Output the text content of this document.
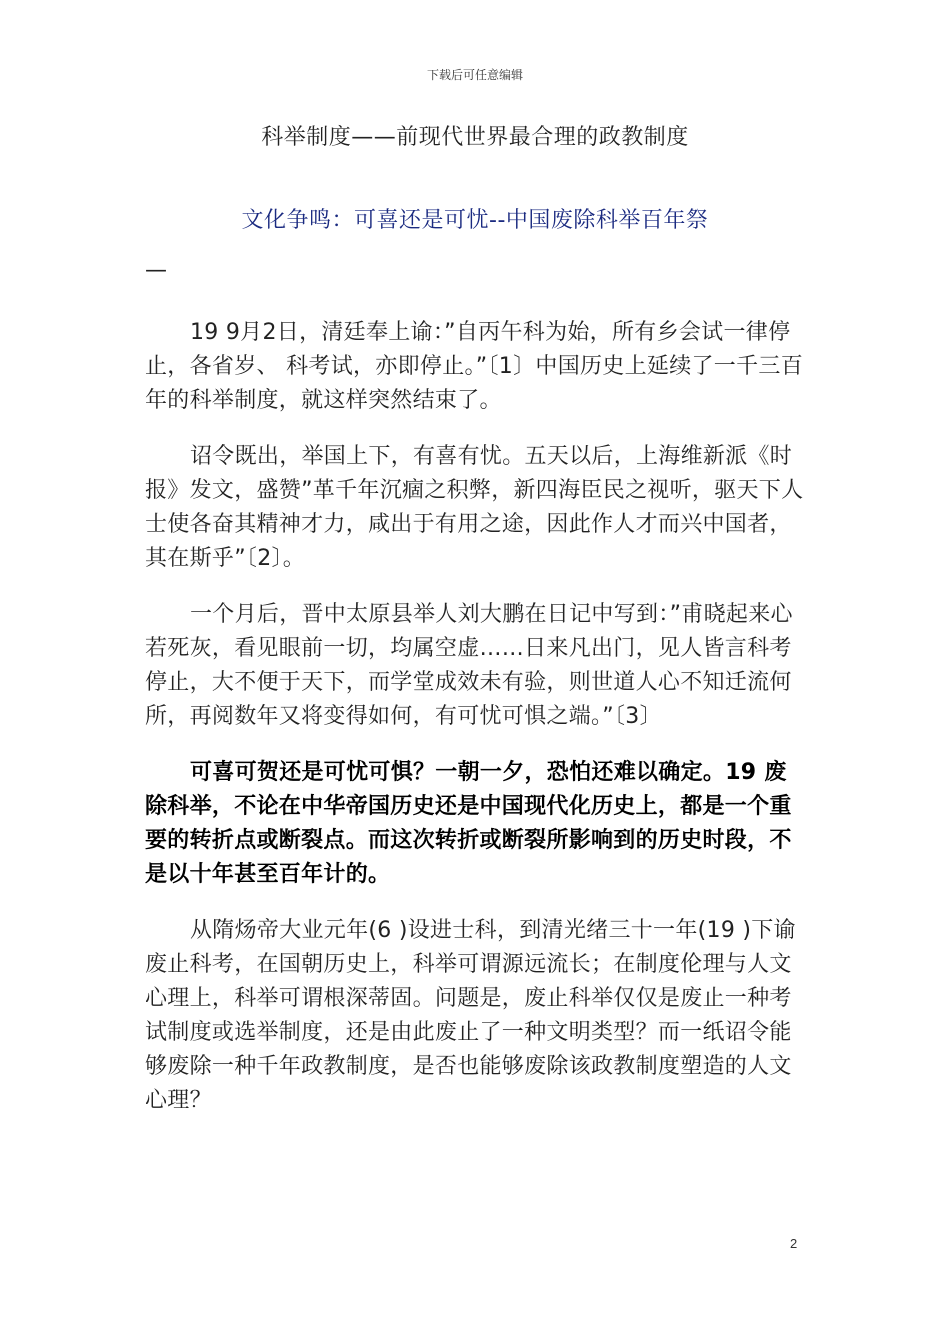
下载后可任意编辑
科举制度——前现代世界最合理的政教制度
文化争鸣：可喜还是可忧--中国废除科举百年祭
—

19 9月2日，清廷奉上谕：”自丙午科为始，所有乡会试一律停止，各省岁、 科考试，亦即停止。”〔1〕中国历史上延续了一千三百年的科举制度，就这样突然结束了。

诏令既出，举国上下，有喜有忧。五天以后，上海维新派《时报》发文，盛赞”革千年沉痼之积弊，新四海臣民之视听，驱天下人士使各奋其精神才力，咸出于有用之途，因此作人才而兴中国者，其在斯乎”〔2〕。

一个月后，晋中太原县举人刘大鹏在日记中写到：”甫晓起来心若死灰，看见眼前一切，均属空虚……日来凡出门，见人皆言科考停止，大不便于天下，而学堂成效未有验，则世道人心不知迁流何所，再阅数年又将变得如何，有可忧可惧之端。”〔3〕

可喜可贺还是可忧可惧？一朝一夕，恐怕还难以确定。19 废除科举，不论在中华帝国历史还是中国现代化历史上，都是一个重要的转折点或断裂点。而这次转折或断裂所影响到的历史时段，不是以十年甚至百年计的。

从隋炀帝大业元年(6 )设进士科，到清光绪三十一年(19 )下谕废止科考，在国朝历史上，科举可谓源远流长；在制度伦理与人文心理上，科举可谓根深蒂固。问题是，废止科举仅仅是废止一种考试制度或选举制度，还是由此废止了一种文明类型？而一纸诏令能够废除一种千年政教制度，是否也能够废除该政教制度塑造的人文心理？

2
